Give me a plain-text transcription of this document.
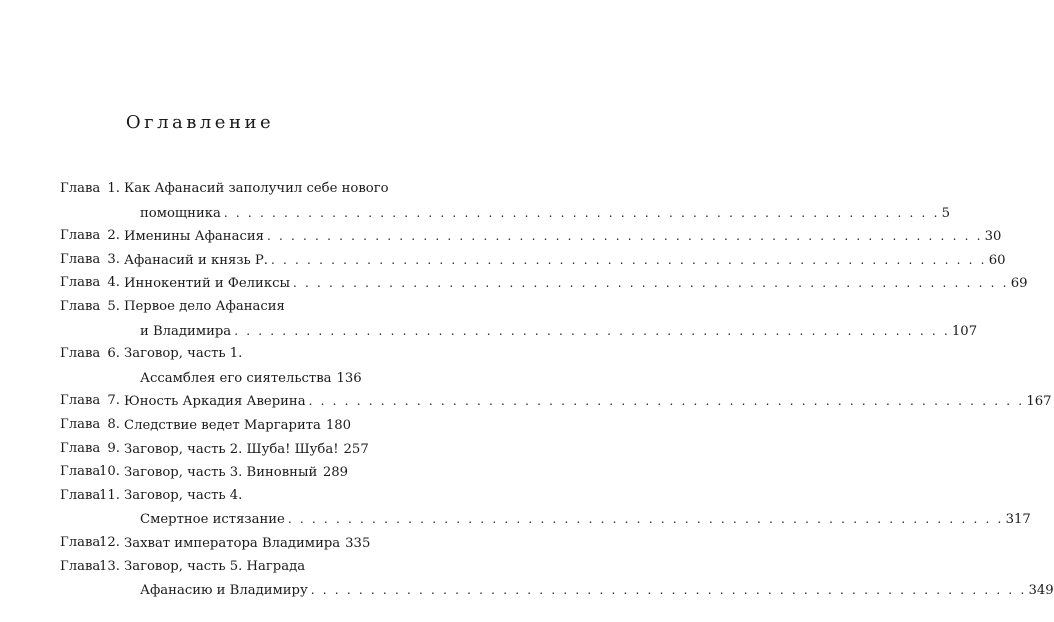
Оглавление
Глава 1. Как Афанасий заполучил себе нового
помощника . . . . . . . . . . . . . . . . . . . . . . . . . . . . . . . . . . . . . . . . . . . . . . . . . . . . . . . . . . . . 5
Глава 2. Именины Афанасия . . . . . . . . . . . . . . . . . . . . . . . . . . . . . . . . . . . . . . . . . . . . . . . . . . . . . . . . . . . . 30
Глава 3. Афанасий и князь Р. . . . . . . . . . . . . . . . . . . . . . . . . . . . . . . . . . . . . . . . . . . . . . . . . . . . . . . . . . . . . 60
Глава 4. Иннокентий и Феликсы . . . . . . . . . . . . . . . . . . . . . . . . . . . . . . . . . . . . . . . . . . . . . . . . . . . . . . . . . . . . 69
Глава 5. Первое дело Афанасия
и Владимира . . . . . . . . . . . . . . . . . . . . . . . . . . . . . . . . . . . . . . . . . . . . . . . . . . . . . . . . . . . . 107
Глава 6. Заговор, часть 1.
Ассамблея его сиятельства 136
Глава 7. Юность Аркадия Аверина . . . . . . . . . . . . . . . . . . . . . . . . . . . . . . . . . . . . . . . . . . . . . . . . . . . . . . . . . . . . 167
Глава 8. Следствие ведет Маргарита 180
Глава 9. Заговор, часть 2. Шуба! Шуба! 257
Глава
10. Заговор, часть 3. Виновный 289
Глава
11. Заговор, часть 4.
Смертное истязание . . . . . . . . . . . . . . . . . . . . . . . . . . . . . . . . . . . . . . . . . . . . . . . . . . . . . . . . . . . . 317
Глава
12. Захват императора Владимира 335
Глава
13. Заговор, часть 5. Награда
Афанасию и Владимиру . . . . . . . . . . . . . . . . . . . . . . . . . . . . . . . . . . . . . . . . . . . . . . . . . . . . . . . . . . . . 349
